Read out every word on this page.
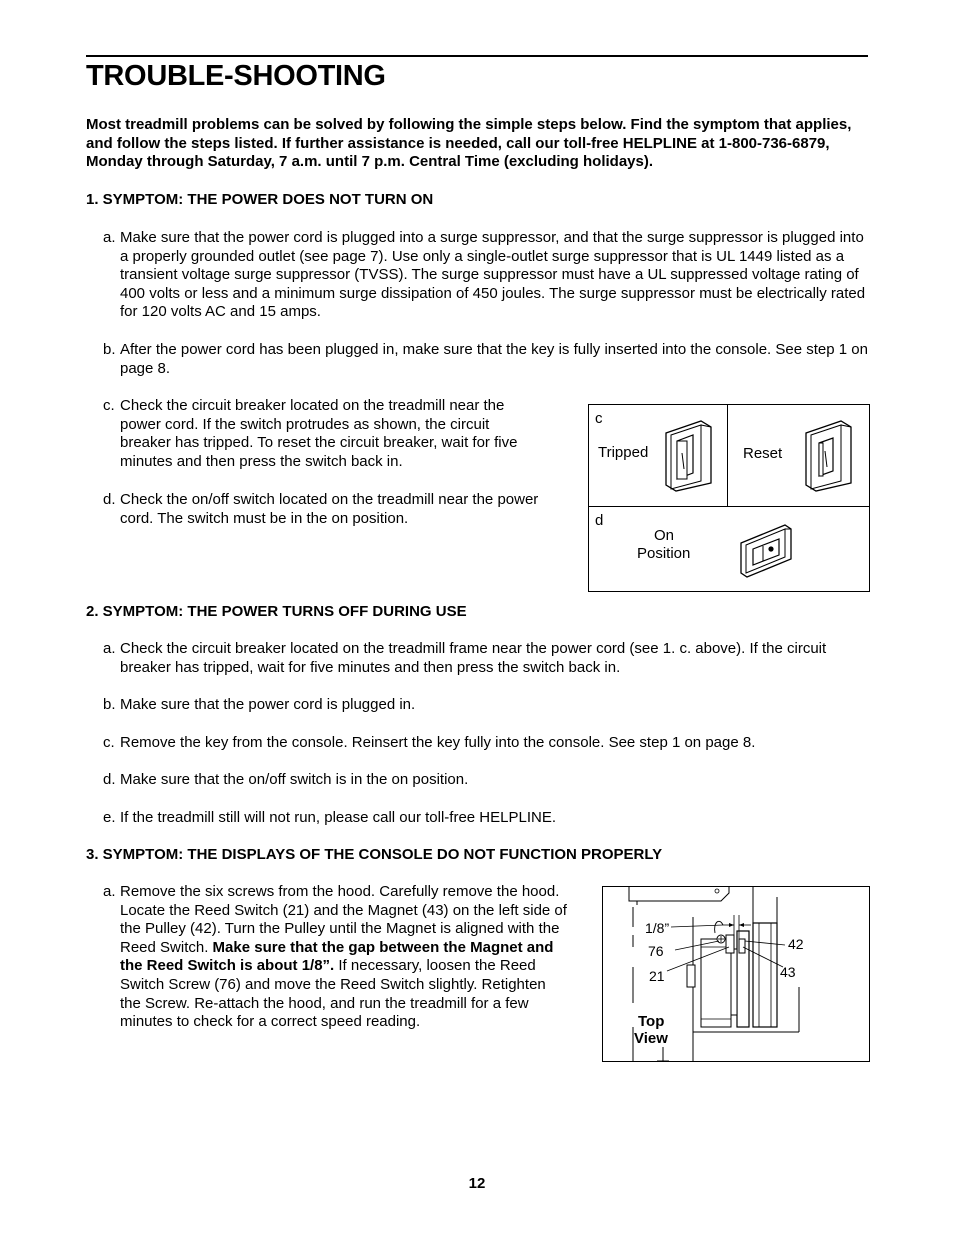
TROUBLE-SHOOTING
Most treadmill problems can be solved by following the simple steps below. Find the symptom that applies, and follow the steps listed. If further assistance is needed, call our toll-free HELPLINE at 1-800-736-6879, Monday through Saturday, 7 a.m. until 7 p.m. Central Time (excluding holidays).
1. SYMPTOM: THE POWER DOES NOT TURN ON
a. Make sure that the power cord is plugged into a surge suppressor, and that the surge suppressor is plugged into a properly grounded outlet (see page 7). Use only a single-outlet surge suppressor that is UL 1449 listed as a transient voltage surge suppressor (TVSS). The surge suppressor must have a UL suppressed voltage rating of 400 volts or less and a minimum surge dissipation of 450 joules. The surge suppressor must be electrically rated for 120 volts AC and 15 amps.
b. After the power cord has been plugged in, make sure that the key is fully inserted into the console. See step 1 on page 8.
c. Check the circuit breaker located on the treadmill near the power cord. If the switch protrudes as shown, the circuit breaker has tripped. To reset the circuit breaker, wait for five minutes and then press the switch back in.
d. Check the on/off switch located on the treadmill near the power cord. The switch must be in the on position.
c
Tripped	Reset
d
On
Position
2. SYMPTOM: THE POWER TURNS OFF DURING USE
a. Check the circuit breaker located on the treadmill frame near the power cord (see 1. c. above). If the circuit breaker has tripped, wait for five minutes and then press the switch back in.
b. Make sure that the power cord is plugged in.
c. Remove the key from the console. Reinsert the key fully into the console. See step 1 on page 8.
d. Make sure that the on/off switch is in the on position.
e. If the treadmill still will not run, please call our toll-free HELPLINE.
3. SYMPTOM: THE DISPLAYS OF THE CONSOLE DO NOT FUNCTION PROPERLY
a. Remove the six screws from the hood. Carefully remove the hood. Locate the Reed Switch (21) and the Magnet (43) on the left side of the Pulley (42). Turn the Pulley until the Magnet is aligned with the Reed Switch. Make sure that the gap between the Magnet and the Reed Switch is about 1/8”. If necessary, loosen the Reed Switch Screw (76) and move the Reed Switch slightly. Retighten the Screw. Re-attach the hood, and run the treadmill for a few minutes to check for a correct speed reading.
1/8”
76
21
42
43
Top
View
12
